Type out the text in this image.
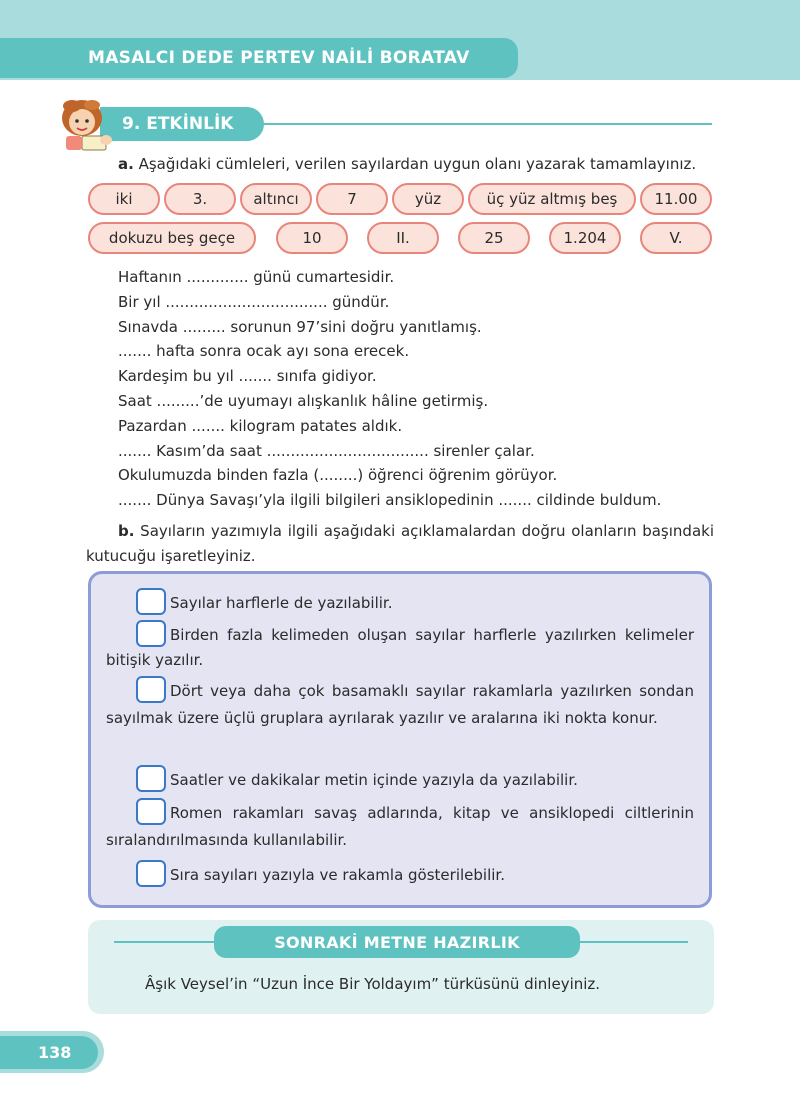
MASALCI DEDE PERTEV NAİLİ BORATAV
9. ETKİNLİK
a. Aşağıdaki cümleleri, verilen sayılardan uygun olanı yazarak tamamlayınız.
iki	3.	altıncı	7	yüz	üç yüz altmış beş	11.00
dokuzu beş geçe	10	II.	25	1.204	V.
Haftanın ............. günü cumartesidir.
Bir yıl .................................. gündür.
Sınavda ......... sorunun 97’sini doğru yanıtlamış.
....... hafta sonra ocak ayı sona erecek.
Kardeşim bu yıl ....... sınıfa gidiyor.
Saat .........’de uyumayı alışkanlık hâline getirmiş.
Pazardan ....... kilogram patates aldık.
....... Kasım’da saat .................................. sirenler çalar.
Okulumuzda binden fazla (........) öğrenci öğrenim görüyor.
....... Dünya Savaşı’yla ilgili bilgileri ansiklopedinin ....... cildinde buldum.
b. Sayıların yazımıyla ilgili aşağıdaki açıklamalardan doğru olanların başındaki kutucuğu işaretleyiniz.
Sayılar harflerle de yazılabilir.
Birden fazla kelimeden oluşan sayılar harflerle yazılırken kelimeler bitişik yazılır.
Dört veya daha çok basamaklı sayılar rakamlarla yazılırken sondan sayılmak üzere üçlü gruplara ayrılarak yazılır ve aralarına iki nokta konur.
Saatler ve dakikalar metin içinde yazıyla da yazılabilir.
Romen rakamları savaş adlarında, kitap ve ansiklopedi ciltlerinin sıralandırılmasında kullanılabilir.
Sıra sayıları yazıyla ve rakamla gösterilebilir.
SONRAKİ METNE HAZIRLIK
Âşık Veysel’in “Uzun İnce Bir Yoldayım” türküsünü dinleyiniz.
138
